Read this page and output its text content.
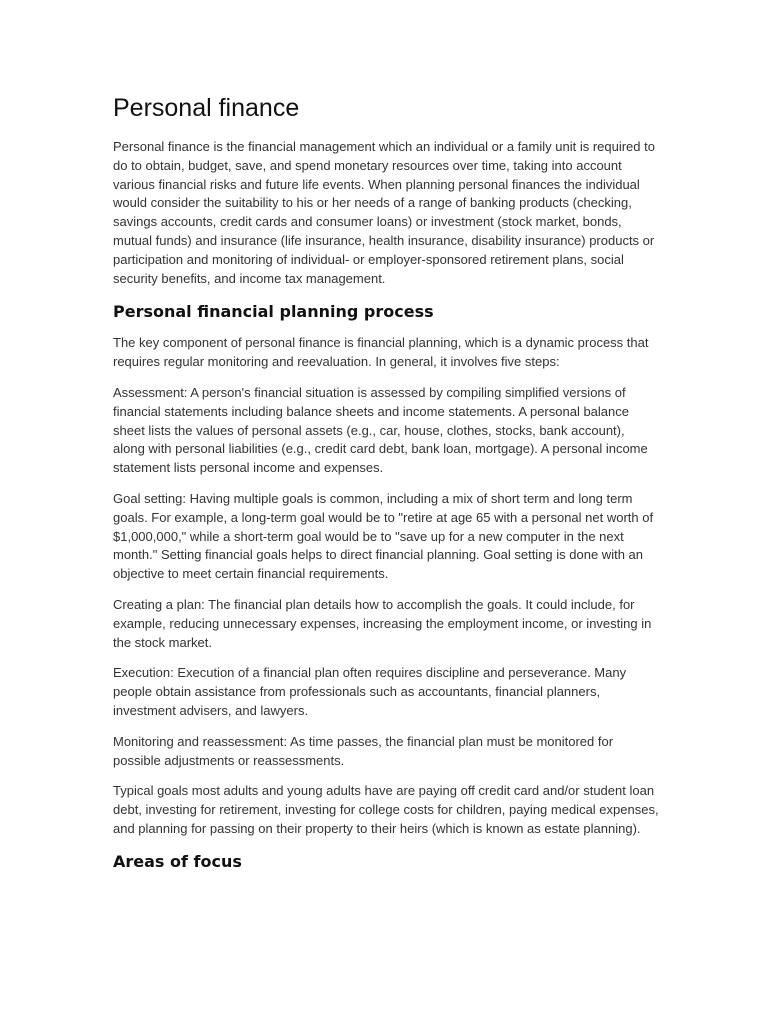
Personal finance

Personal finance is the financial management which an individual or a family unit is required to do to obtain, budget, save, and spend monetary resources over time, taking into account various financial risks and future life events. When planning personal finances the individual would consider the suitability to his or her needs of a range of banking products (checking, savings accounts, credit cards and consumer loans) or investment (stock market, bonds, mutual funds) and insurance (life insurance, health insurance, disability insurance) products or participation and monitoring of individual- or employer-sponsored retirement plans, social security benefits, and income tax management.

Personal financial planning process

The key component of personal finance is financial planning, which is a dynamic process that requires regular monitoring and reevaluation. In general, it involves five steps:

Assessment: A person's financial situation is assessed by compiling simplified versions of financial statements including balance sheets and income statements. A personal balance sheet lists the values of personal assets (e.g., car, house, clothes, stocks, bank account), along with personal liabilities (e.g., credit card debt, bank loan, mortgage). A personal income statement lists personal income and expenses.

Goal setting: Having multiple goals is common, including a mix of short term and long term goals. For example, a long-term goal would be to "retire at age 65 with a personal net worth of $1,000,000," while a short-term goal would be to "save up for a new computer in the next month." Setting financial goals helps to direct financial planning. Goal setting is done with an objective to meet certain financial requirements.

Creating a plan: The financial plan details how to accomplish the goals. It could include, for example, reducing unnecessary expenses, increasing the employment income, or investing in the stock market.

Execution: Execution of a financial plan often requires discipline and perseverance. Many people obtain assistance from professionals such as accountants, financial planners, investment advisers, and lawyers.

Monitoring and reassessment: As time passes, the financial plan must be monitored for possible adjustments or reassessments.

Typical goals most adults and young adults have are paying off credit card and/or student loan debt, investing for retirement, investing for college costs for children, paying medical expenses, and planning for passing on their property to their heirs (which is known as estate planning).

Areas of focus
